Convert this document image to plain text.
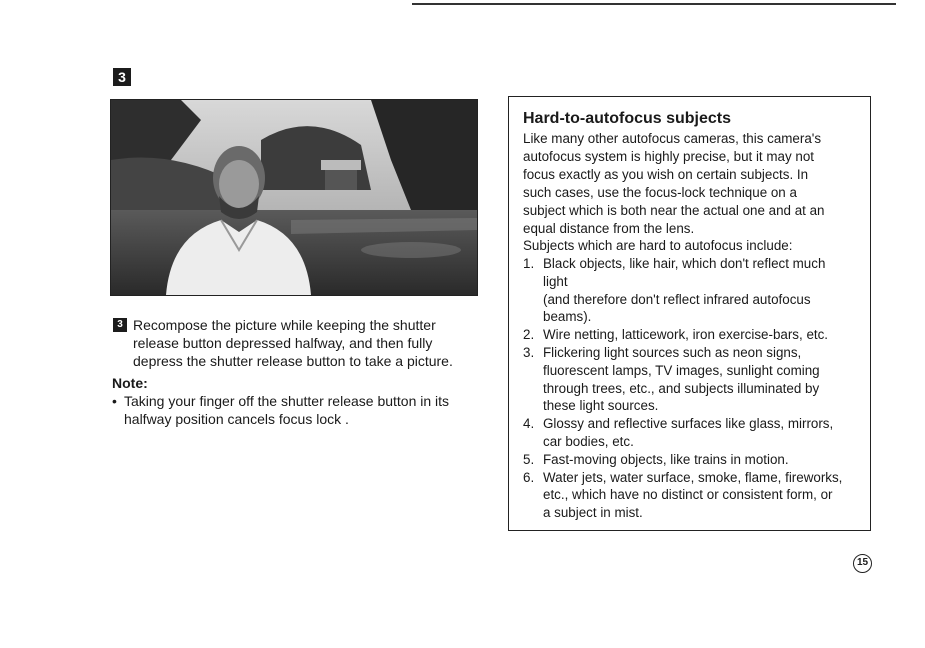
3
3 Recompose the picture while keeping the shutter release button depressed halfway, and then fully depress the shutter release button to take a picture.
Note:
• Taking your finger off the shutter release button in its halfway position cancels focus lock .
Hard-to-autofocus subjects
Like many other autofocus cameras, this camera's
autofocus system is highly precise, but it may not
focus exactly as you wish on certain subjects. In
such cases, use the focus-lock technique on a
subject which is both near the actual one and at an
equal distance from the lens.
Subjects which are hard to autofocus include:
1. Black objects, like hair, which don't reflect much
light
(and therefore don't reflect infrared autofocus
beams).
2. Wire netting, latticework, iron exercise-bars, etc.
3. Flickering light sources such as neon signs,
fluorescent lamps, TV images, sunlight coming
through trees, etc., and subjects illuminated by
these light sources.
4. Glossy and reflective surfaces like glass, mirrors,
car bodies, etc.
5. Fast-moving objects, like trains in motion.
6. Water jets, water surface, smoke, flame, fireworks,
etc., which have no distinct or consistent form, or
a subject in mist.
15
